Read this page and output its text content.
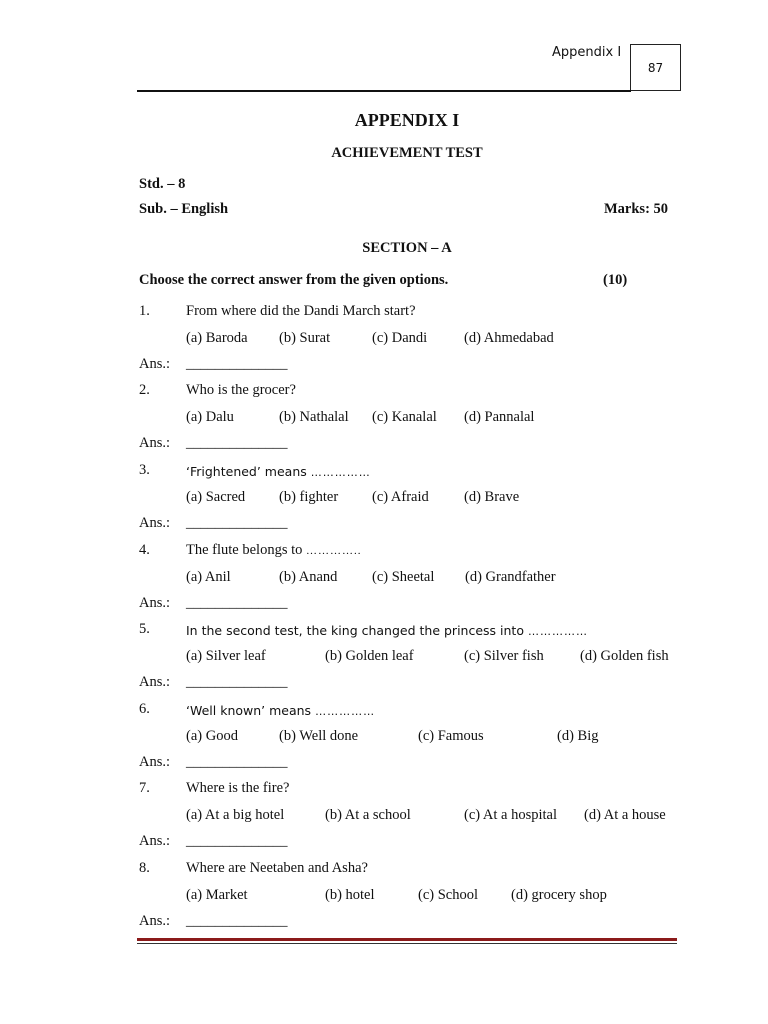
Appendix I
87
APPENDIX I
ACHIEVEMENT TEST
Std. – 8
Sub. – English	Marks: 50
SECTION – A
Choose the correct answer from the given options.	(10)
1. From where did the Dandi March start?
(a) Baroda (b) Surat	(c) Dandi	(d) Ahmedabad
Ans.: ______________
2. Who is the grocer?
(a) Dalu	(b) Nathalal (c) Kanalal (d) Pannalal
Ans.: ______________
3.	‘Frightened’ means ……………
(a) Sacred (b) fighter (c) Afraid (d) Brave
Ans.: ______________
4. The flute belongs to …………..
(a) Anil	(b) Anand (c) Sheetal (d) Grandfather
Ans.: ______________
5.	In the second test, the king changed the princess into ……………
(a) Silver leaf	(b) Golden leaf	(c) Silver fish	(d) Golden fish
Ans.: ______________
6.	‘Well known’ means ……………
(a) Good	(b) Well done	(c) Famous	(d) Big
Ans.: ______________
7. Where is the fire?
(a) At a big hotel	(b) At a school	(c) At a hospital (d) At a house
Ans.: ______________
8. Where are Neetaben and Asha?
(a) Market	(b) hotel	(c) School (d) grocery shop
Ans.: ______________
